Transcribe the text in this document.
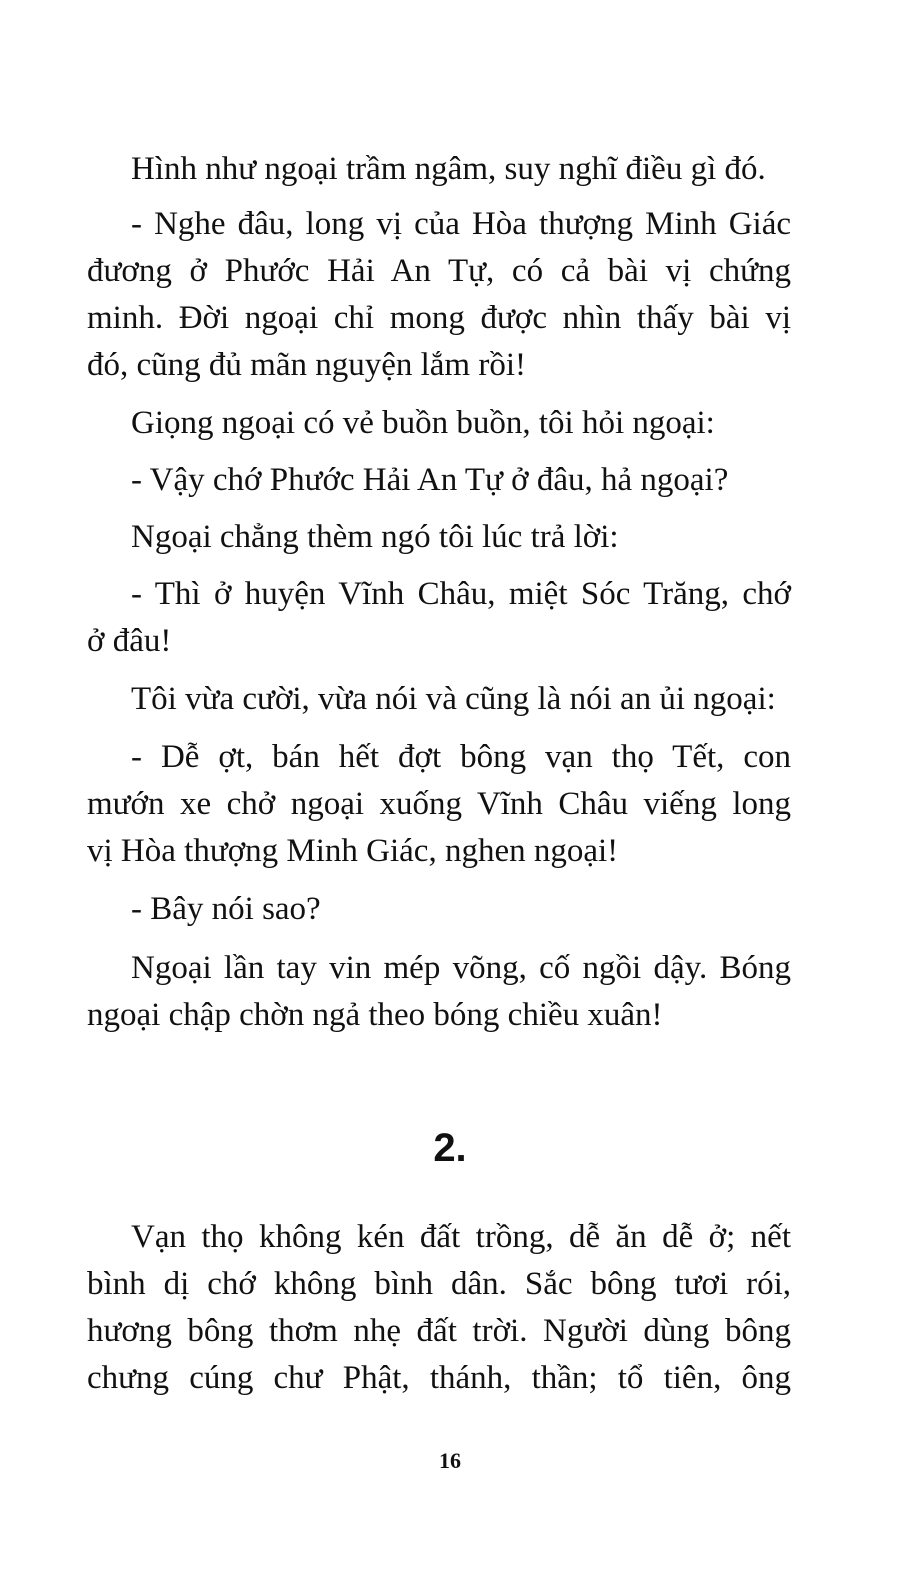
Hình như ngoại trầm ngâm, suy nghĩ điều gì đó.
- Nghe đâu, long vị của Hòa thượng Minh Giác
đương ở Phước Hải An Tự, có cả bài vị chứng
minh. Đời ngoại chỉ mong được nhìn thấy bài vị
đó, cũng đủ mãn nguyện lắm rồi!
Giọng ngoại có vẻ buồn buồn, tôi hỏi ngoại:
- Vậy chớ Phước Hải An Tự ở đâu, hả ngoại?
Ngoại chẳng thèm ngó tôi lúc trả lời:
- Thì ở huyện Vĩnh Châu, miệt Sóc Trăng, chớ
ở đâu!
Tôi vừa cười, vừa nói và cũng là nói an ủi ngoại:
- Dễ ợt, bán hết đợt bông vạn thọ Tết, con
mướn xe chở ngoại xuống Vĩnh Châu viếng long
vị Hòa thượng Minh Giác, nghen ngoại!
- Bây nói sao?
Ngoại lần tay vin mép võng, cố ngồi dậy. Bóng
ngoại chập chờn ngả theo bóng chiều xuân!
2.
Vạn thọ không kén đất trồng, dễ ăn dễ ở; nết
bình dị chớ không bình dân. Sắc bông tươi rói,
hương bông thơm nhẹ đất trời. Người dùng bông
chưng cúng chư Phật, thánh, thần; tổ tiên, ông
16
